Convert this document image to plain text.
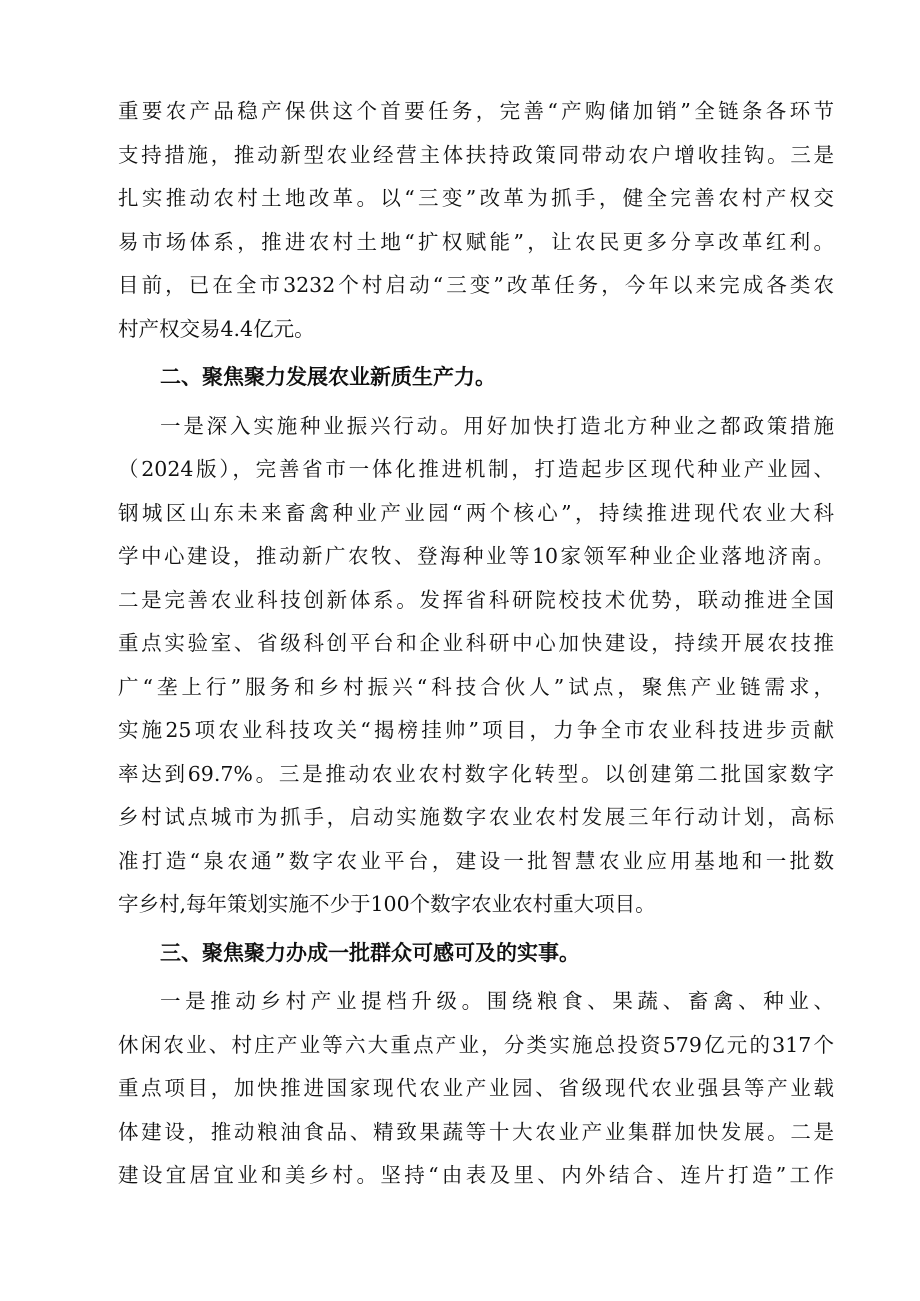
重要农产品稳产保供这个首要任务，完善“产购储加销”全链条各环节
支持措施，推动新型农业经营主体扶持政策同带动农户增收挂钩。三是
扎实推动农村土地改革。以“三变”改革为抓手，健全完善农村产权交
易市场体系，推进农村土地“扩权赋能”，让农民更多分享改革红利。
目前，已在全市3232个村启动“三变”改革任务，今年以来完成各类农
村产权交易4.4亿元。
二、聚焦聚力发展农业新质生产力。
一是深入实施种业振兴行动。用好加快打造北方种业之都政策措施
（2024版），完善省市一体化推进机制，打造起步区现代种业产业园、
钢城区山东未来畜禽种业产业园“两个核心”，持续推进现代农业大科
学中心建设，推动新广农牧、登海种业等10家领军种业企业落地济南。
二是完善农业科技创新体系。发挥省科研院校技术优势，联动推进全国
重点实验室、省级科创平台和企业科研中心加快建设，持续开展农技推
广“垄上行”服务和乡村振兴“科技合伙人”试点，聚焦产业链需求，
实施25项农业科技攻关“揭榜挂帅”项目，力争全市农业科技进步贡献
率达到69.7%。三是推动农业农村数字化转型。以创建第二批国家数字
乡村试点城市为抓手，启动实施数字农业农村发展三年行动计划，高标
准打造“泉农通”数字农业平台，建设一批智慧农业应用基地和一批数
字乡村,每年策划实施不少于100个数字农业农村重大项目。
三、聚焦聚力办成一批群众可感可及的实事。
一是推动乡村产业提档升级。围绕粮食、果蔬、畜禽、种业、
休闲农业、村庄产业等六大重点产业，分类实施总投资579亿元的317个
重点项目，加快推进国家现代农业产业园、省级现代农业强县等产业载
体建设，推动粮油食品、精致果蔬等十大农业产业集群加快发展。二是
建设宜居宜业和美乡村。坚持“由表及里、内外结合、连片打造”工作
